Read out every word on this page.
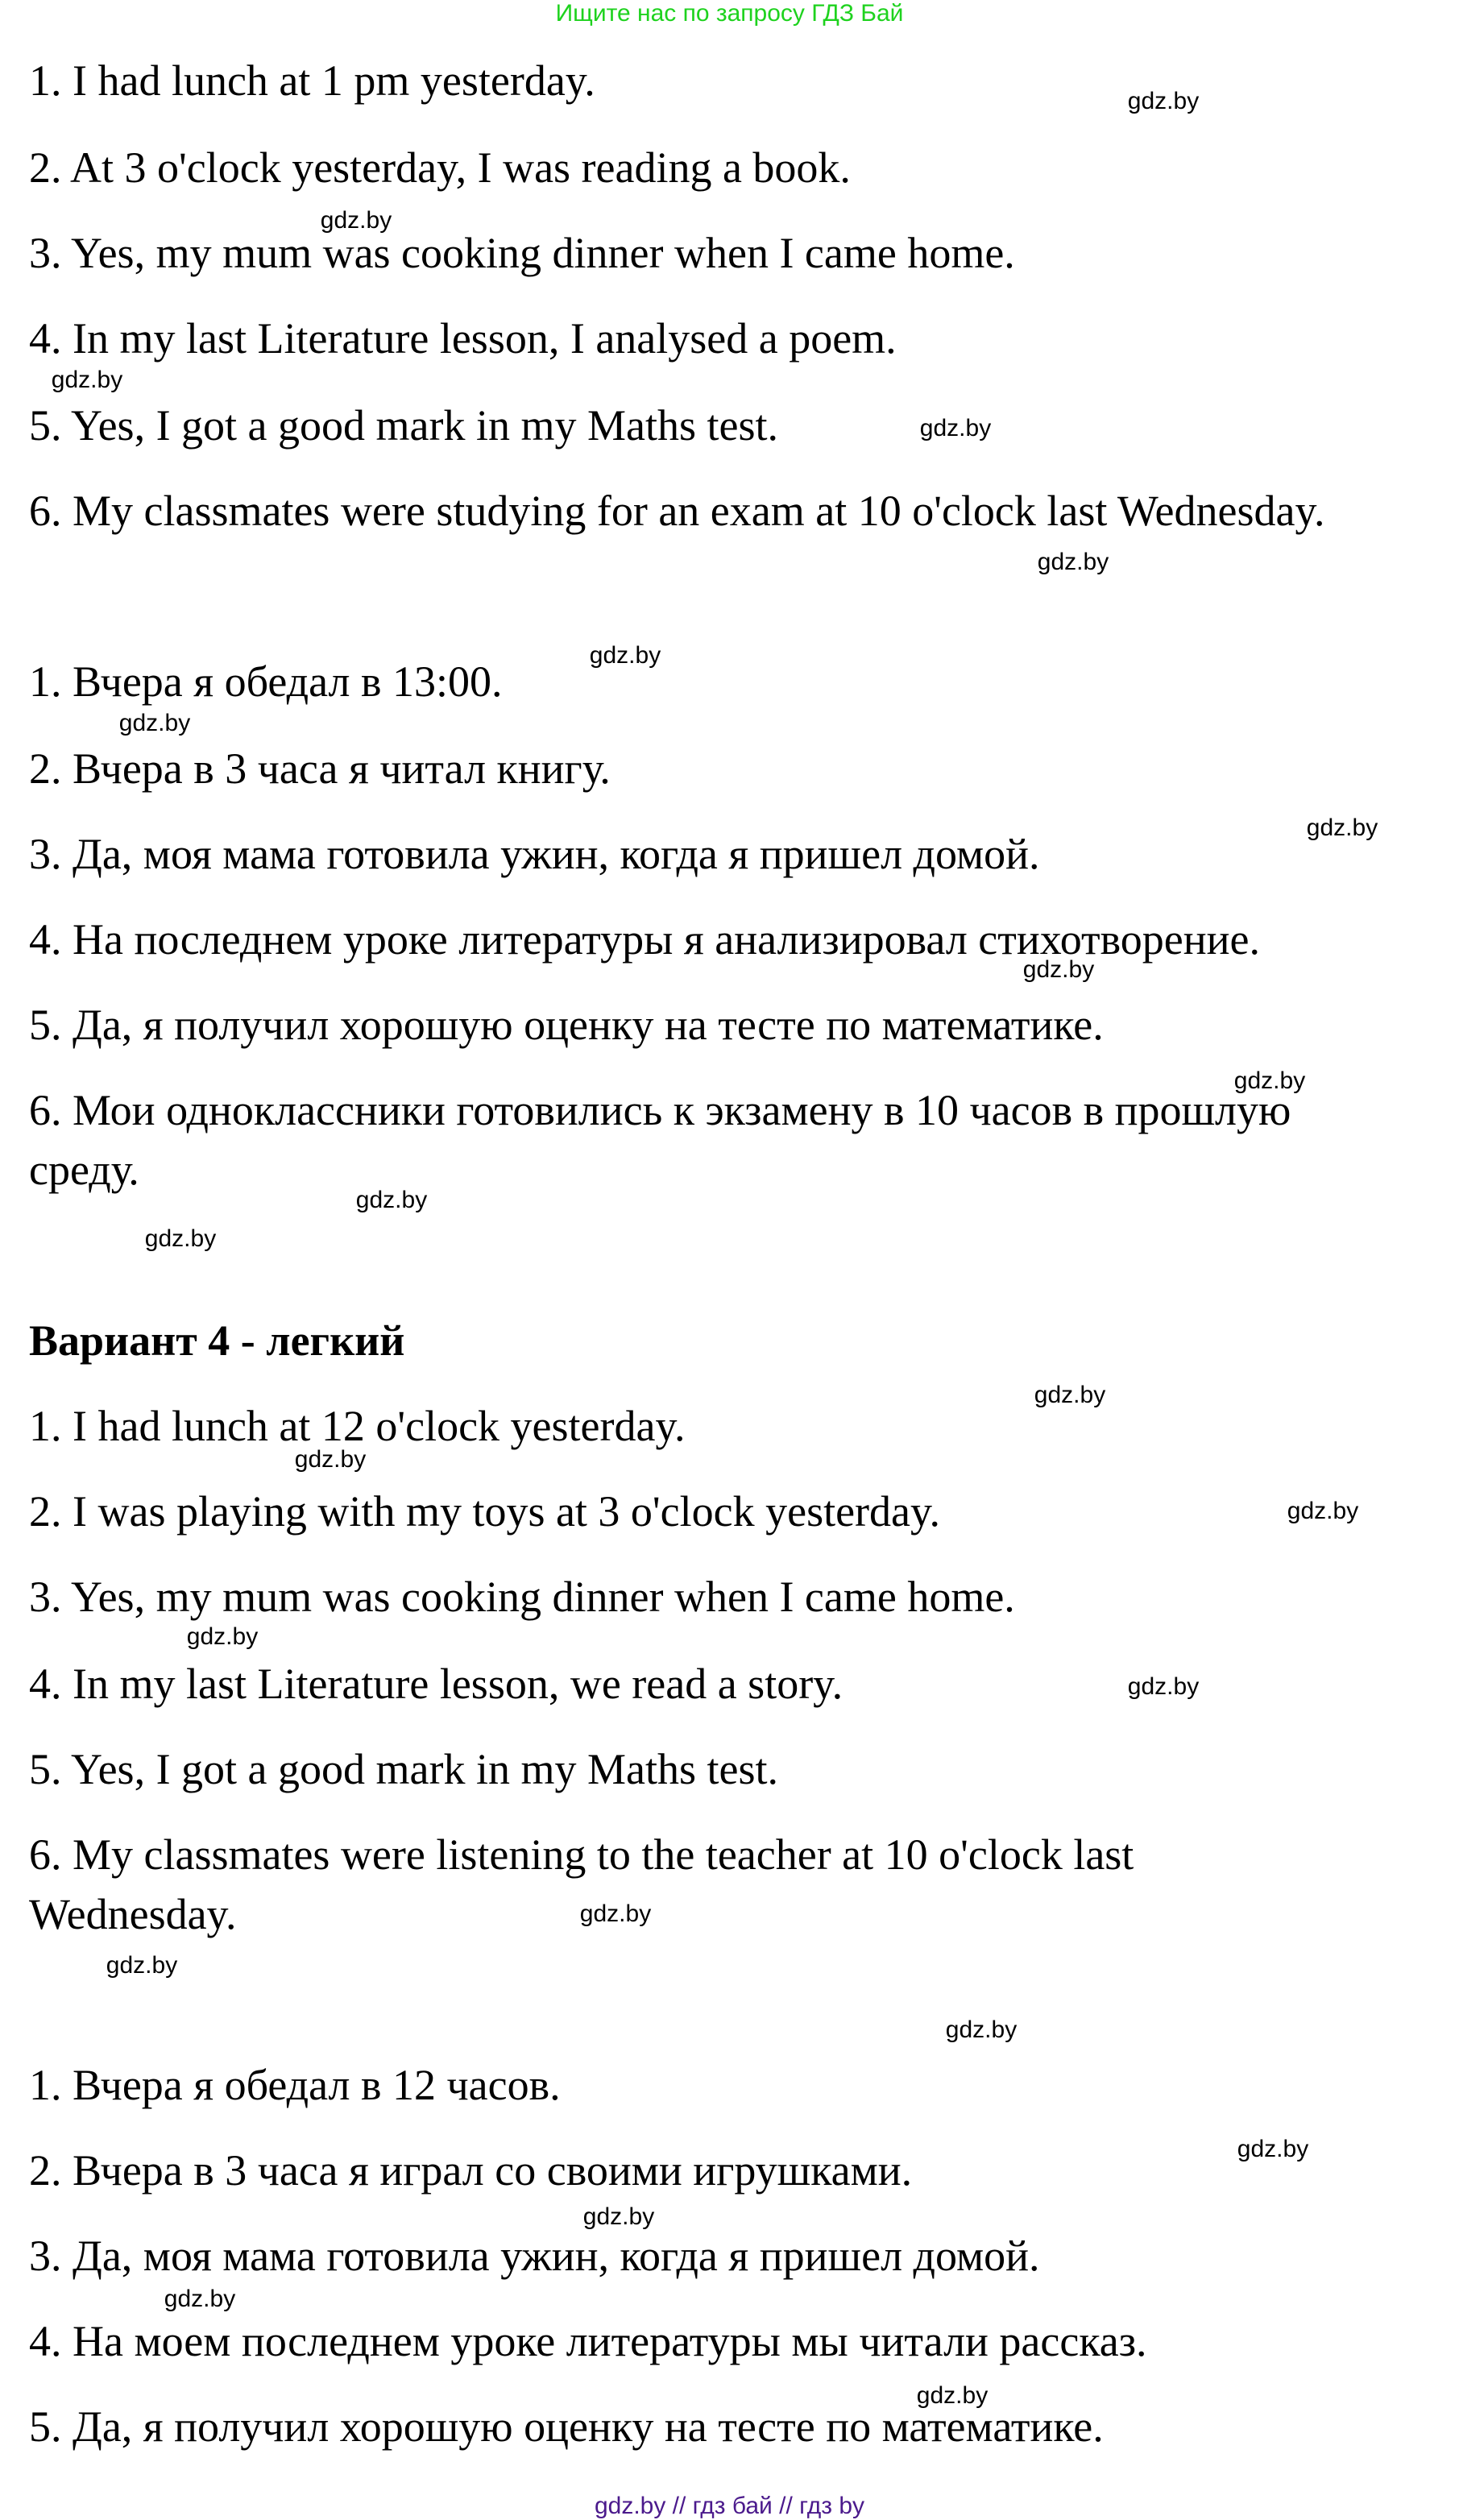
Ищите нас по запросу ГДЗ Бай
1. I had lunch at 1 pm yesterday.
2. At 3 o'clock yesterday, I was reading a book.
3. Yes, my mum was cooking dinner when I came home.
4. In my last Literature lesson, I analysed a poem.
5. Yes, I got a good mark in my Maths test.
6. My classmates were studying for an exam at 10 o'clock last Wednesday.
1. Вчера я обедал в 13:00.
2. Вчера в 3 часа я читал книгу.
3. Да, моя мама готовила ужин, когда я пришел домой.
4. На последнем уроке литературы я анализировал стихотворение.
5. Да, я получил хорошую оценку на тесте по математике.
6. Мои одноклассники готовились к экзамену в 10 часов в прошлую
среду.
Вариант 4 - легкий
1. I had lunch at 12 o'clock yesterday.
2. I was playing with my toys at 3 o'clock yesterday.
3. Yes, my mum was cooking dinner when I came home.
4. In my last Literature lesson, we read a story.
5. Yes, I got a good mark in my Maths test.
6. My classmates were listening to the teacher at 10 o'clock last
Wednesday.
1. Вчера я обедал в 12 часов.
2. Вчера в 3 часа я играл со своими игрушками.
3. Да, моя мама готовила ужин, когда я пришел домой.
4. На моем последнем уроке литературы мы читали рассказ.
5. Да, я получил хорошую оценку на тесте по математике.
gdz.by
gdz.by
gdz.by
gdz.by
gdz.by
gdz.by
gdz.by
gdz.by
gdz.by
gdz.by
gdz.by
gdz.by
gdz.by
gdz.by
gdz.by
gdz.by
gdz.by
gdz.by
gdz.by
gdz.by
gdz.by
gdz.by
gdz.by
gdz.by
gdz.by // гдз бай // гдз by
